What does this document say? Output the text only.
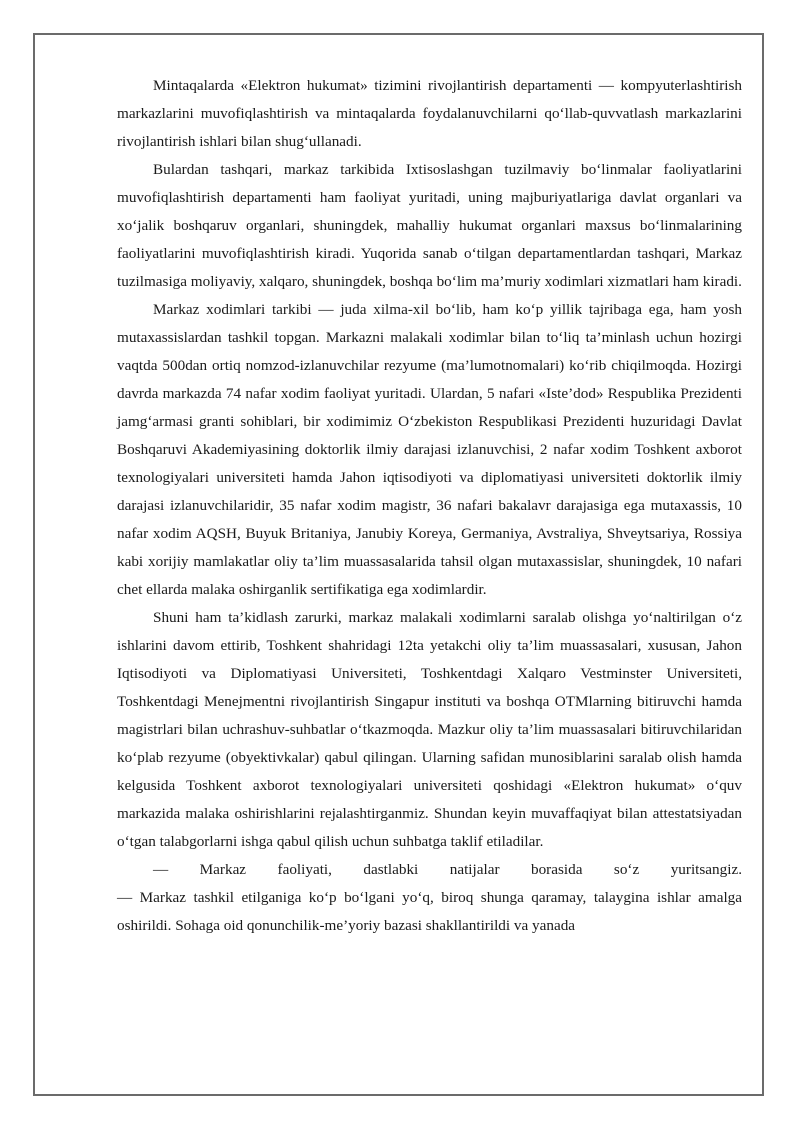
Mintaqalarda «Elektron hukumat» tizimini rivojlantirish departamenti — kompyuterlashtirish markazlarini muvofiqlashtirish va mintaqalarda foydalanuvchilarni qo‘llab-quvvatlash markazlarini rivojlantirish ishlari bilan shug‘ullanadi.

Bulardan tashqari, markaz tarkibida Ixtisoslashgan tuzilmaviy bo‘linmalar faoliyatlarini muvofiqlashtirish departamenti ham faoliyat yuritadi, uning majburiyatlariga davlat organlari va xo‘jalik boshqaruv organlari, shuningdek, mahalliy hukumat organlari maxsus bo‘linmalarining faoliyatlarini muvofiqlashtirish kiradi. Yuqorida sanab o‘tilgan departamentlardan tashqari, Markaz tuzilmasiga moliyaviy, xalqaro, shuningdek, boshqa bo‘lim ma’muriy xodimlari xizmatlari ham kiradi.

Markaz xodimlari tarkibi — juda xilma-xil bo‘lib, ham ko‘p yillik tajribaga ega, ham yosh mutaxassislardan tashkil topgan. Markazni malakali xodimlar bilan to‘liq ta’minlash uchun hozirgi vaqtda 500dan ortiq nomzod-izlanuvchilar rezyume (ma’lumotnomalari) ko‘rib chiqilmoqda. Hozirgi davrda markazda 74 nafar xodim faoliyat yuritadi. Ulardan, 5 nafari «Iste’dod» Respublika Prezidenti jamg‘armasi granti sohiblari, bir xodimimiz O‘zbekiston Respublikasi Prezidenti huzuridagi Davlat Boshqaruvi Akademiyasining doktorlik ilmiy darajasi izlanuvchisi, 2 nafar xodim Toshkent axborot texnologiyalari universiteti hamda Jahon iqtisodiyoti va diplomatiyasi universiteti doktorlik ilmiy darajasi izlanuvchilaridir, 35 nafar xodim magistr, 36 nafari bakalavr darajasiga ega mutaxassis, 10 nafar xodim AQSH, Buyuk Britaniya, Janubiy Koreya, Germaniya, Avstraliya, Shveytsariya, Rossiya kabi xorijiy mamlakatlar oliy ta’lim muassasalarida tahsil olgan mutaxassislar, shuningdek, 10 nafari chet ellarda malaka oshirganlik sertifikatiga ega xodimlardir.

Shuni ham ta’kidlash zarurki, markaz malakali xodimlarni saralab olishga yo‘naltirilgan o‘z ishlarini davom ettirib, Toshkent shahridagi 12ta yetakchi oliy ta’lim muassasalari, xususan, Jahon Iqtisodiyoti va Diplomatiyasi Universiteti, Toshkentdagi Xalqaro Vestminster Universiteti, Toshkentdagi Menejmentni rivojlantirish Singapur instituti va boshqa OTMlarning bitiruvchi hamda magistrlari bilan uchrashuv-suhbatlar o‘tkazmoqda. Mazkur oliy ta’lim muassasalari bitiruvchilaridan ko‘plab rezyume (obyektivkalar) qabul qilingan. Ularning safidan munosiblarini saralab olish hamda kelgusida Toshkent axborot texnologiyalari universiteti qoshidagi «Elektron hukumat» o‘quv markazida malaka oshirishlarini rejalashtirganmiz. Shundan keyin muvaffaqiyat bilan attestatsiyadan o‘tgan talabgorlarni ishga qabul qilish uchun suhbatga taklif etiladilar.

— Markaz faoliyati, dastlabki natijalar borasida so‘z yuritsangiz.

— Markaz tashkil etilganiga ko‘p bo‘lgani yo‘q, biroq shunga qaramay, talaygina ishlar amalga oshirildi. Sohaga oid qonunchilik-me’yoriy bazasi shakllantirildi va yanada
